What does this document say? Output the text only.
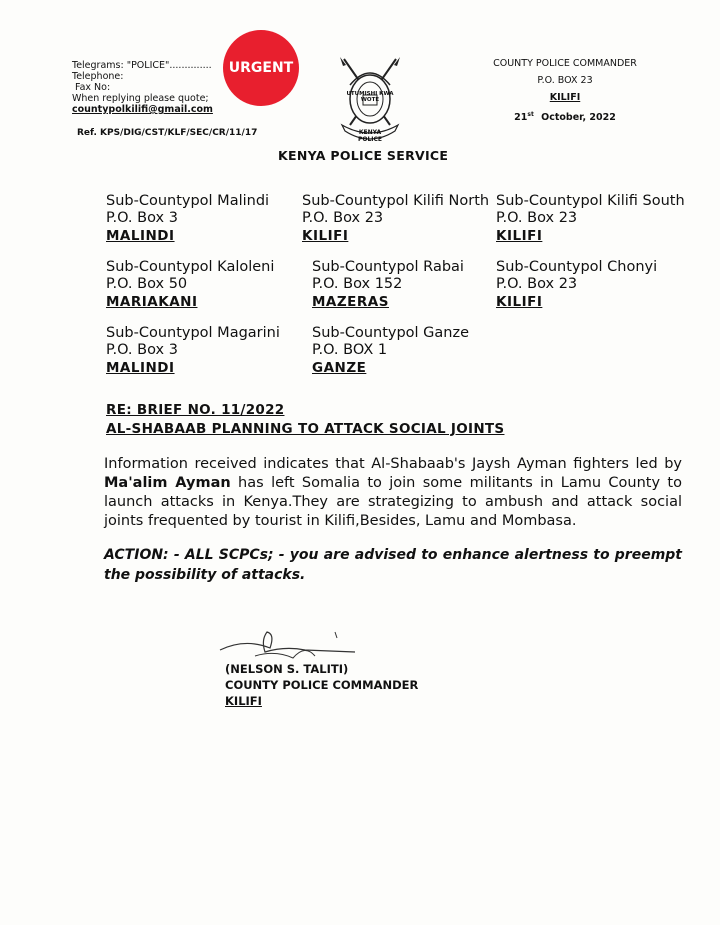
Telegrams: "POLICE"..............
Telephone:
Fax No:
When replying please quote;
countypolkilifi@gmail.com
Ref. KPS/DIG/CST/KLF/SEC/CR/11/17
URGENT
UTUMISHI KWA WOTE
KENYA POLICE
COUNTY POLICE COMMANDER
P.O. BOX 23
KILIFI
21st October, 2022
KENYA POLICE SERVICE
Sub-Countypol Malindi
P.O. Box 3
MALINDI
Sub-Countypol Kilifi North
P.O. Box 23
KILIFI
Sub-Countypol Kilifi South
P.O. Box 23
KILIFI
Sub-Countypol Kaloleni
P.O. Box 50
MARIAKANI
Sub-Countypol Rabai
P.O. Box 152
MAZERAS
Sub-Countypol Chonyi
P.O. Box 23
KILIFI
Sub-Countypol Magarini
P.O. Box 3
MALINDI
Sub-Countypol Ganze
P.O. BOX 1
GANZE
RE: BRIEF NO. 11/2022
AL-SHABAAB PLANNING TO ATTACK SOCIAL JOINTS
Information received indicates that Al-Shabaab's Jaysh Ayman fighters led by Ma'alim Ayman has left Somalia to join some militants in Lamu County to launch attacks in Kenya.They are strategizing to ambush and attack social joints frequented by tourist in Kilifi,Besides, Lamu and Mombasa.
ACTION: - ALL SCPCs; - you are advised to enhance alertness to preempt the possibility of attacks.
(NELSON S. TALITI)
COUNTY POLICE COMMANDER
KILIFI
